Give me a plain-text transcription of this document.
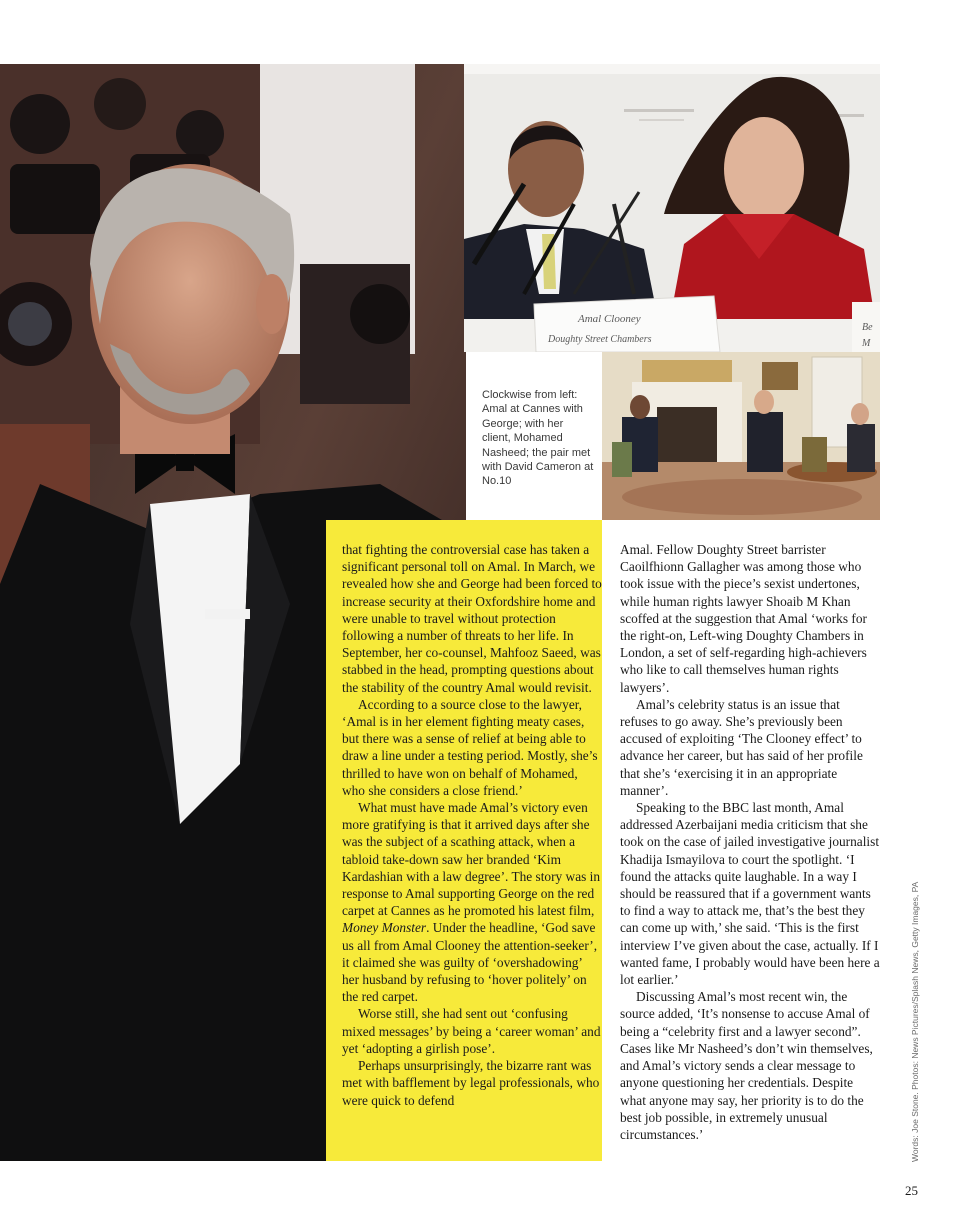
Amal Clooney
Doughty Street Chambers
Be
M
Clockwise from left: Amal at Cannes with George; with her client, Mohamed Nasheed; the pair met with David Cameron at No.10

that fighting the controversial case has taken a significant personal toll on Amal. In March, we revealed how she and George had been forced to increase security at their Oxfordshire home and were unable to travel without protection following a number of threats to her life. In September, her co-counsel, Mahfooz Saeed, was stabbed in the head, prompting questions about the stability of the country Amal would revisit.

According to a source close to the lawyer, ‘Amal is in her element fighting meaty cases, but there was a sense of relief at being able to draw a line under a testing period. Mostly, she’s thrilled to have won on behalf of Mohamed, who she considers a close friend.’

What must have made Amal’s victory even more gratifying is that it arrived days after she was the subject of a scathing attack, when a tabloid take-down saw her branded ‘Kim Kardashian with a law degree’. The story was in response to Amal supporting George on the red carpet at Cannes as he promoted his latest film, Money Monster. Under the headline, ‘God save us all from Amal Clooney the attention-seeker’, it claimed she was guilty of ‘overshadowing’ her husband by refusing to ‘hover politely’ on the red carpet.

Worse still, she had sent out ‘confusing mixed messages’ by being a ‘career woman’ and yet ‘adopting a girlish pose’.

Perhaps unsurprisingly, the bizarre rant was met with bafflement by legal professionals, who were quick to defend

Amal. Fellow Doughty Street barrister Caoilfhionn Gallagher was among those who took issue with the piece’s sexist undertones, while human rights lawyer Shoaib M Khan scoffed at the suggestion that Amal ‘works for the right-on, Left-wing Doughty Chambers in London, a set of self-regarding high-achievers who like to call themselves human rights lawyers’.

Amal’s celebrity status is an issue that refuses to go away. She’s previously been accused of exploiting ‘The Clooney effect’ to advance her career, but has said of her profile that she’s ‘exercising it in an appropriate manner’.

Speaking to the BBC last month, Amal addressed Azerbaijani media criticism that she took on the case of jailed investigative journalist Khadija Ismayilova to court the spotlight. ‘I found the attacks quite laughable. In a way I should be reassured that if a government wants to find a way to attack me, that’s the best they can come up with,’ she said. ‘This is the first interview I’ve given about the case, actually. If I wanted fame, I probably would have been here a lot earlier.’

Discussing Amal’s most recent win, the source added, ‘It’s nonsense to accuse Amal of being a “celebrity first and a lawyer second”. Cases like Mr Nasheed’s don’t win themselves, and Amal’s victory sends a clear message to anyone questioning her credentials. Despite what anyone may say, her priority is to do the best job possible, in extremely unusual circumstances.’	Words: Joe Stone. Photos: News Pictures/Splash News, Getty Images, PA
25
